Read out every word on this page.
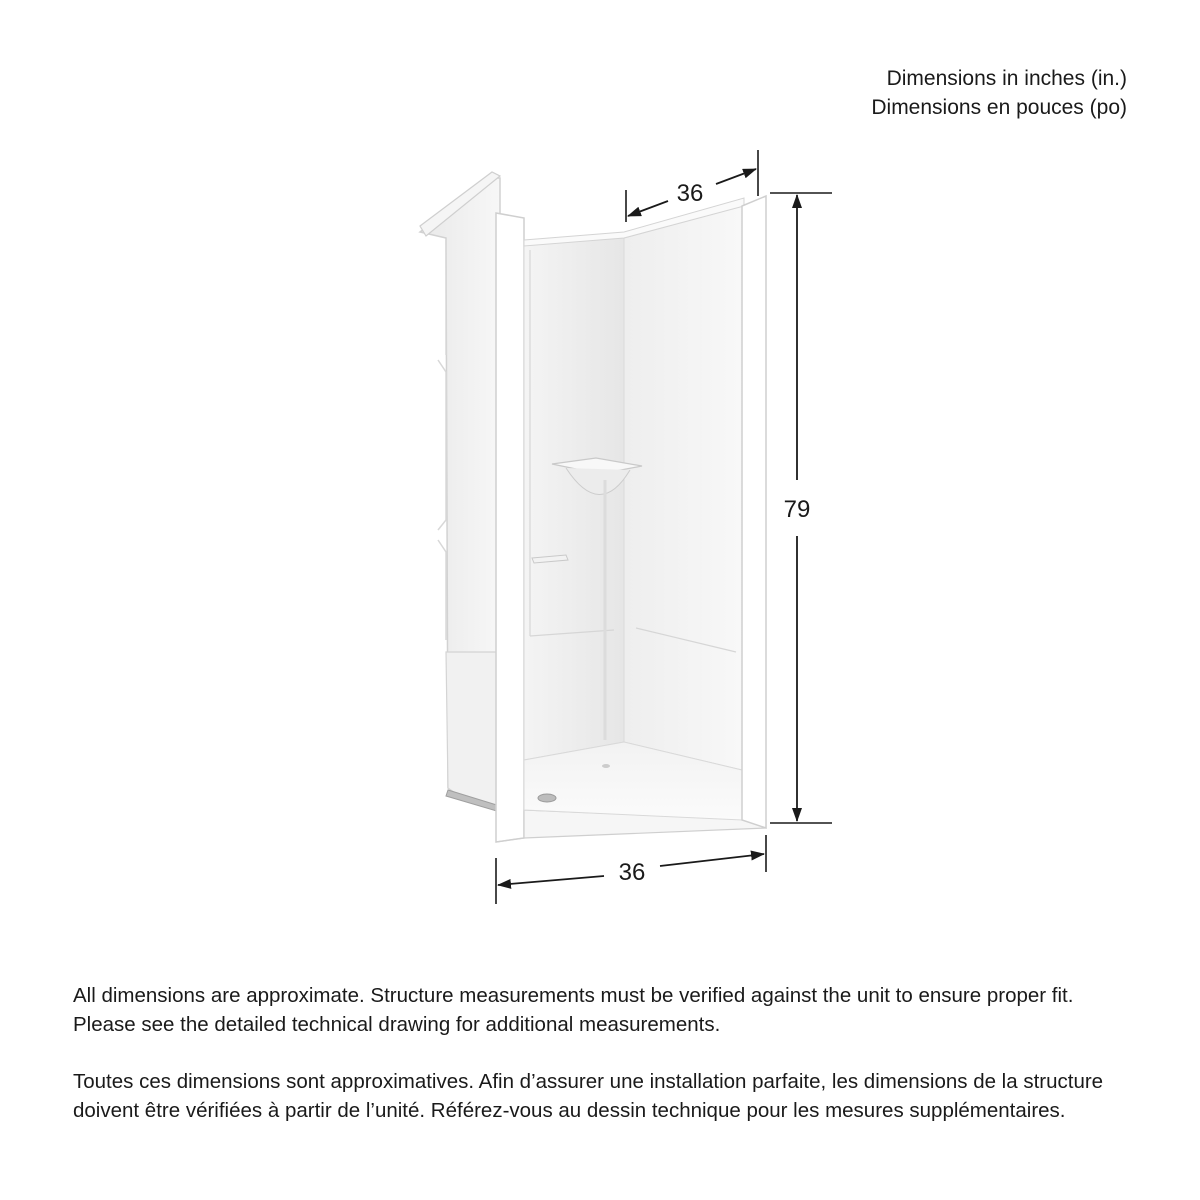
Dimensions in inches (in.)
Dimensions en pouces (po)
36
79
36

All dimensions are approximate. Structure measurements must be verified against the unit to ensure proper fit. Please see the detailed technical drawing for additional measurements.

Toutes ces dimensions sont approximatives. Afin d’assurer une installation parfaite, les dimensions de la structure doivent être vérifiées à partir de l’unité. Référez-vous au dessin technique pour les mesures supplémentaires.
